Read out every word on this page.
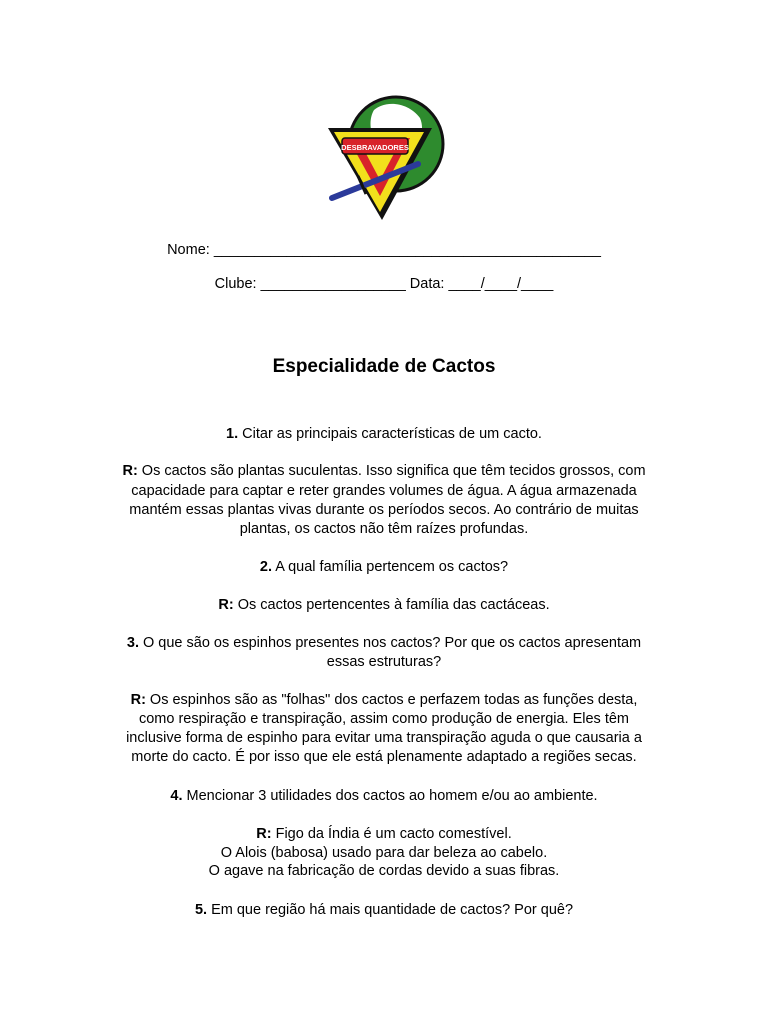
DESBRAVADORES
Nome: ________________________________________________
Clube: __________________ Data: ____/____/____
Especialidade de Cactos
1. Citar as principais características de um cacto.
R: Os cactos são plantas suculentas. Isso significa que têm tecidos grossos, com
capacidade para captar e reter grandes volumes de água. A água armazenada
mantém essas plantas vivas durante os períodos secos. Ao contrário de muitas
plantas, os cactos não têm raízes profundas.
2. A qual família pertencem os cactos?
R: Os cactos pertencentes à família das cactáceas.
3. O que são os espinhos presentes nos cactos? Por que os cactos apresentam
essas estruturas?
R: Os espinhos são as "folhas" dos cactos e perfazem todas as funções desta,
como respiração e transpiração, assim como produção de energia. Eles têm
inclusive forma de espinho para evitar uma transpiração aguda o que causaria a
morte do cacto. É por isso que ele está plenamente adaptado a regiões secas.
4. Mencionar 3 utilidades dos cactos ao homem e/ou ao ambiente.
R: Figo da Índia é um cacto comestível.
O Alois (babosa) usado para dar beleza ao cabelo.
O agave na fabricação de cordas devido a suas fibras.
5. Em que região há mais quantidade de cactos? Por quê?
